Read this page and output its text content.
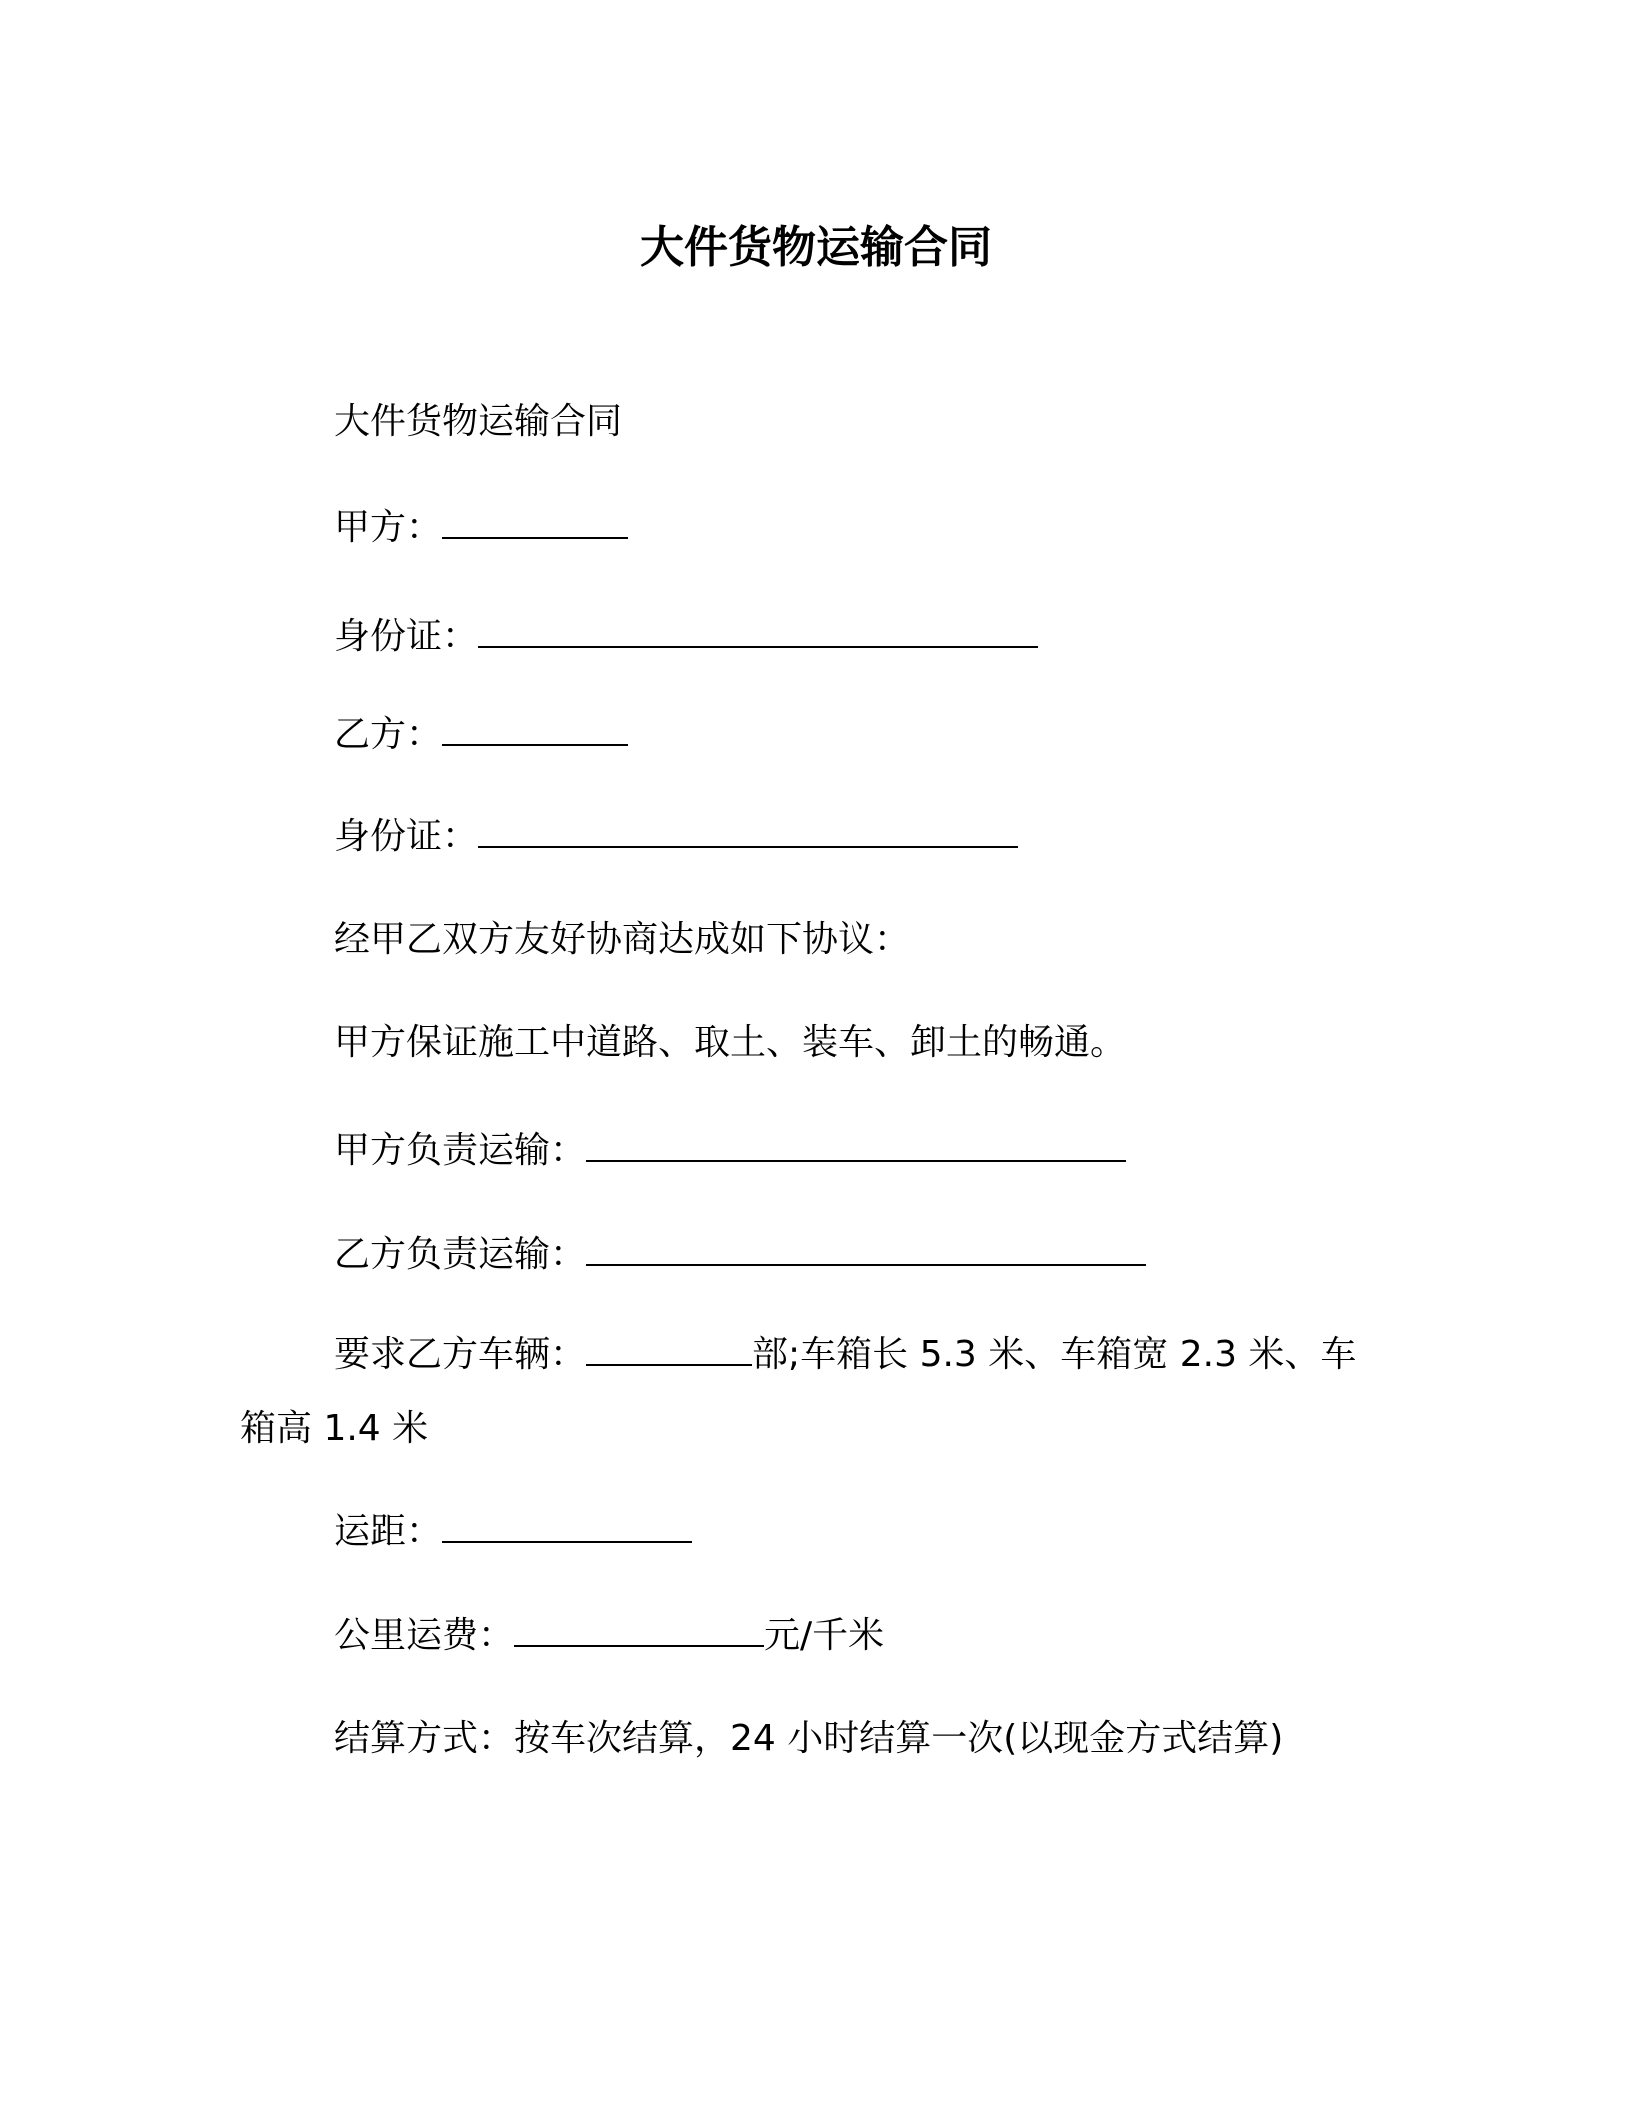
大件货物运输合同
大件货物运输合同
甲方：
身份证：
乙方：
身份证：
经甲乙双方友好协商达成如下协议：
甲方保证施工中道路、取土、装车、卸土的畅通。
甲方负责运输：
乙方负责运输：
要求乙方车辆：	部;车箱长 5.3 米、车箱宽 2.3 米、车
箱高 1.4 米
运距：
公里运费：	元/千米
结算方式：按车次结算，24 小时结算一次(以现金方式结算)
